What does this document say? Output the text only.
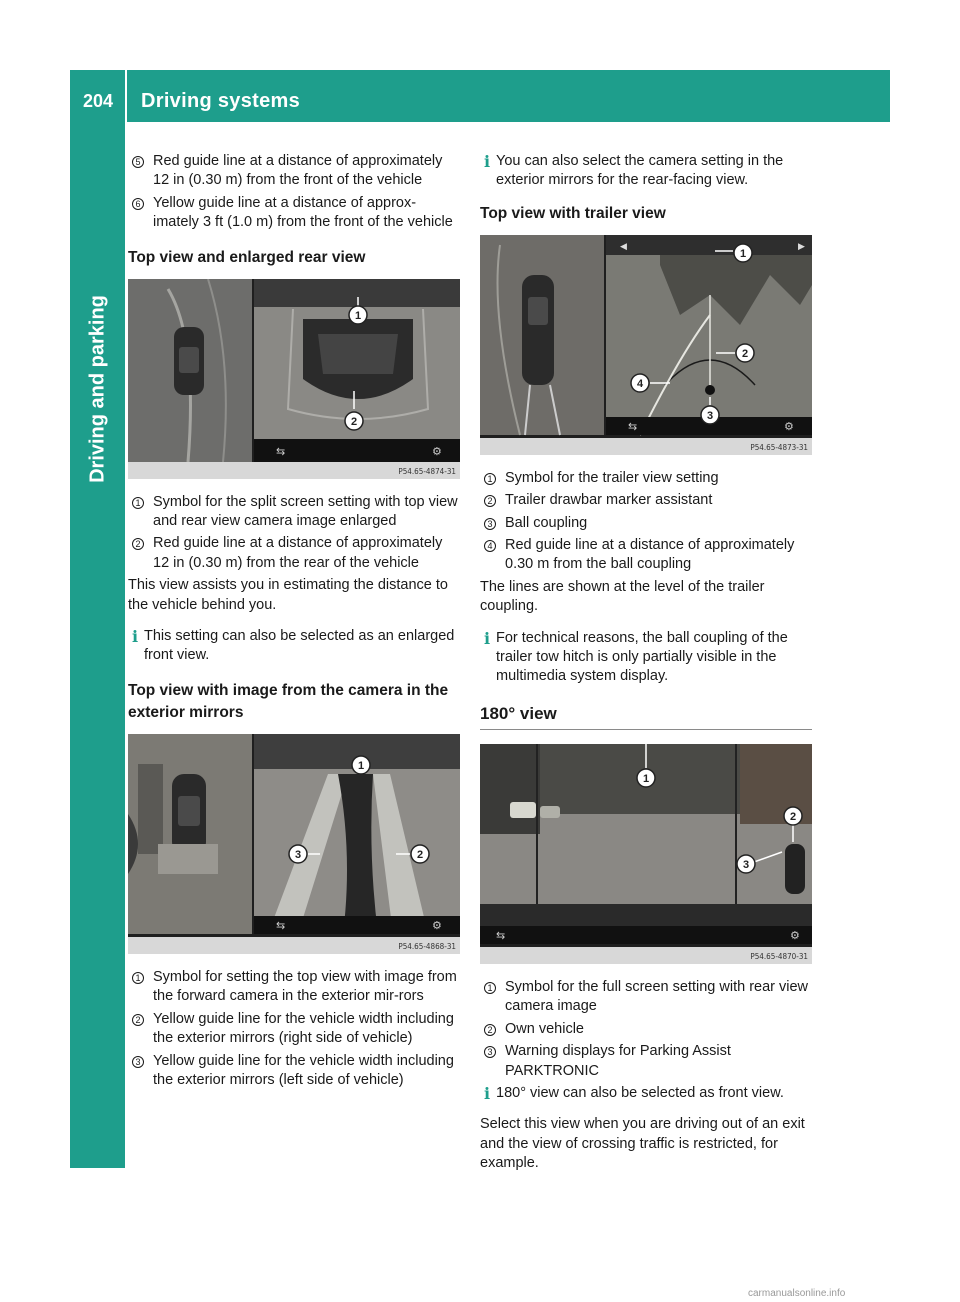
204 Driving systems
Driving and parking
5 Red guide line at a distance of approximately 12 in (0.30 m) from the front of the vehicle
6 Yellow guide line at a distance of approx-imately 3 ft (1.0 m) from the front of the vehicle
Top view and enlarged rear view
⇆	⚙
1
2
P54.65-4874-31
1 Symbol for the split screen setting with top view and rear view camera image enlarged
2 Red guide line at a distance of approximately 12 in (0.30 m) from the rear of the vehicle

This view assists you in estimating the distance to the vehicle behind you.

i This setting can also be selected as an enlarged front view.
Top view with image from the camera in the exterior mirrors
⇆	⚙
1
2
3
P54.65-4868-31
1 Symbol for setting the top view with image from the forward camera in the exterior mir-rors
2 Yellow guide line for the vehicle width including the exterior mirrors (right side of vehicle)
3 Yellow guide line for the vehicle width including the exterior mirrors (left side of vehicle)
i You can also select the camera setting in the exterior mirrors for the rear-facing view.
Top view with trailer view
◀	▶
⇆	⚙
1
2
3
4
P54.65-4873-31
1 Symbol for the trailer view setting
2 Trailer drawbar marker assistant
3 Ball coupling
4 Red guide line at a distance of approximately 0.30 m from the ball coupling

The lines are shown at the level of the trailer coupling.

i For technical reasons, the ball coupling of the trailer tow hitch is only partially visible in the multimedia system display.
180° view
⇆	⚙
1
2
3
P54.65-4870-31
1 Symbol for the full screen setting with rear view camera image
2 Own vehicle
3 Warning displays for Parking Assist PARKTRONIC
i 180° view can also be selected as front view.

Select this view when you are driving out of an exit and the view of crossing traffic is restricted, for example.

carmanualsonline.info
